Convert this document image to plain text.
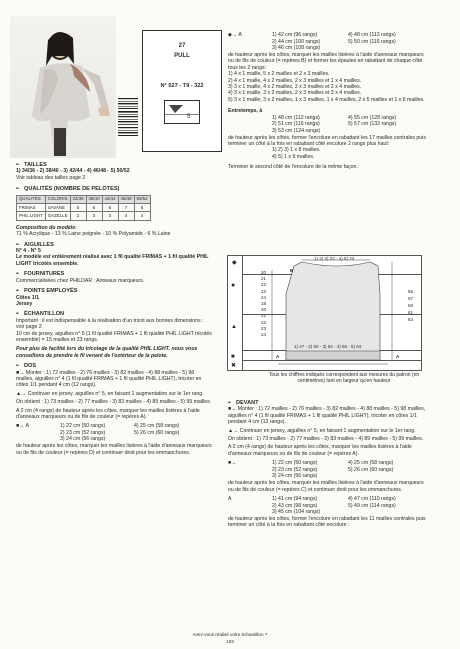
27
PULL
N° 027 - T9 - 322
5
▪▪ TAILLES
1) 34/36 - 2) 38/40 - 3) 42/44 - 4) 46/48 - 5) 50/52
Voir tableau des tailles page 2
▪▪ QUALITÉS (NOMBRE DE PELOTES)
QUALITÉS	COLORIS	34/36	38/40	42/44	46/48	50/52
FRIMAS	SAVANE	5	6	6	7	8
PHIL LIGHT	GAZELLE	2	3	3	4	4
Composition du modèle:
71 % Acrylique - 13 % Laine peignée - 10 % Polyamide - 6 % Laine
▪▪ AIGUILLES
N° 4 - N° 5
Le modèle est entièrement réalisé avec 1 fil qualité FRIMAS + 1 fil qualité PHIL LIGHT tricotés ensemble.
▪▪ FOURNITURES
Commercialisées chez PHILDAR : Anneaux marqueurs.
▪▪ POINTS EMPLOYÉS
Côtes 1/1
Jersey
▪▪ ÉCHANTILLON
Important : il est indispensable à la réalisation d'un tricot aux bonnes dimensions : voir page 2
10 cm de jersey, aiguilles n° 5 (1 fil qualité FRIMAS + 1 fil qualité PHIL LIGHT tricotés ensemble) = 15 mailles et 23 rangs.
Pour plus de facilité lors du tricotage de la qualité PHIL LIGHT, nous vous conseillons de prendre le fil venant de l'extérieur de la pelote.
▪▪ DOS
■→ Monter : 1) 72 mailles - 2) 76 mailles - 3) 82 mailles - 4) 88 mailles - 5) 98 mailles, aiguilles n° 4 (1 fil qualité FRIMAS + 1 fil qualité PHIL LIGHT), tricoter en côtes 1/1 pendant 4 cm (12 rangs).
▲→ Continuer en jersey, aiguilles n° 5, en faisant 1 augmentation sur le 1er rang.
On obtient : 1) 73 mailles - 2) 77 mailles - 3) 83 mailles - 4) 89 mailles - 5) 99 mailles.
A 2 cm (4 rangs) de hauteur après les côtes, marquer les mailles lisières à l'aide d'anneaux marqueurs ou de fils de couleur (= repères A).
■→ A	1) 22 cm (50 rangs)	4) 25 cm (58 rangs)
2) 23 cm (52 rangs)	5) 26 cm (60 rangs)
3) 24 cm (56 rangs)
de hauteur après les côtes, marquer les mailles lisières à l'aide d'anneaux marqueurs ou de fils de couleur (= repères D) et continuer droit pour les emmanchures.
◆→ A	1) 42 cm (96 rangs)	4) 48 cm (112 rangs)
2) 44 cm (100 rangs)	5) 50 cm (116 rangs)
3) 46 cm (108 rangs)
de hauteur après les côtes, marquer les mailles lisières à l'aide d'anneaux marqueurs ou de fils de couleur (= repères B) et former les épaules en rabattant de chaque côté tous les 2 rangs:
1) 4 x 1 maille, 5 x 2 mailles et 2 x 3 mailles.
2) 4 x 1 maille, 4 x 2 mailles, 2 x 3 mailles et 1 x 4 mailles.
3) 3 x 1 maille, 4 x 2 mailles, 2 x 3 mailles et 2 x 4 mailles.
4) 3 x 1 maille, 3 x 2 mailles, 2 x 3 mailles et 3 x 4 mailles.
5) 3 x 1 maille, 3 x 2 mailles, 1 x 3 mailles, 1 x 4 mailles, 2 x 5 mailles et 1 x 6 mailles.
Entretemps, à
1) 48 cm (112 rangs)	4) 55 cm (128 rangs)
2) 51 cm (116 rangs)	5) 57 cm (132 rangs)
3) 53 cm (124 rangs)
de hauteur après les côtes, former l'encolure en rabattant les 17 mailles centrales puis terminer un côté à la fois en rabattant côté encolure 2 rangs plus haut:
1) 2) 3) 1 x 8 mailles.
4) 5) 1 x 9 mailles.
Terminer le second côté de l'encolure de la même façon.
◆
●
▲
■
✖
1) 2) 3) 22 - 4) 5) 23
20
21
22
23
24
18
20
21
22
23
24
55
57
59
61
63
1) 47 - 2) 50 - 3) 54 - 4) 58 - 5) 64
B
A	A
Tous les chiffres indiqués correspondent aux mesures du patron (en centimètres) tant en largeur qu'en hauteur
▪▪ DEVANT
■→ Monter : 1) 72 mailles - 2) 76 mailles - 3) 82 mailles - 4) 88 mailles - 5) 98 mailles, aiguilles n° 4 (1 fil qualité FRIMAS + 1 fil qualité PHIL LIGHT), tricoter en côtes 1/1 pendant 4 cm (12 rangs).
▲→ Continuer en jersey, aiguilles n° 5, en faisant 1 augmentation sur le 1er rang.
On obtient : 1) 73 mailles - 2) 77 mailles - 3) 83 mailles - 4) 89 mailles - 5) 99 mailles.
A 2 cm (4 rangs) de hauteur après les côtes, marquer les mailles lisières à l'aide d'anneaux marqueurs ou de fils de couleur (= repères A).
■→	1) 22 cm (50 rangs)	4) 25 cm (58 rangs)
2) 23 cm (52 rangs)	5) 26 cm (60 rangs)
3) 24 cm (56 rangs)
de hauteur après les côtes, marquer les mailles lisières à l'aide d'anneaux marqueurs ou de fils de couleur (= repères C) et continuer droit pour les emmanchures.
A	1) 41 cm (94 rangs)	4) 47 cm (110 rangs)
2) 43 cm (98 rangs)	5) 49 cm (114 rangs)
3) 45 cm (104 rangs)
de hauteur après les côtes, former l'encolure en rabattant les 11 mailles centrales puis terminer un côté à la fois en rabattant côté encolure :
Avez-vous réalisé votre échantillon ?
103
